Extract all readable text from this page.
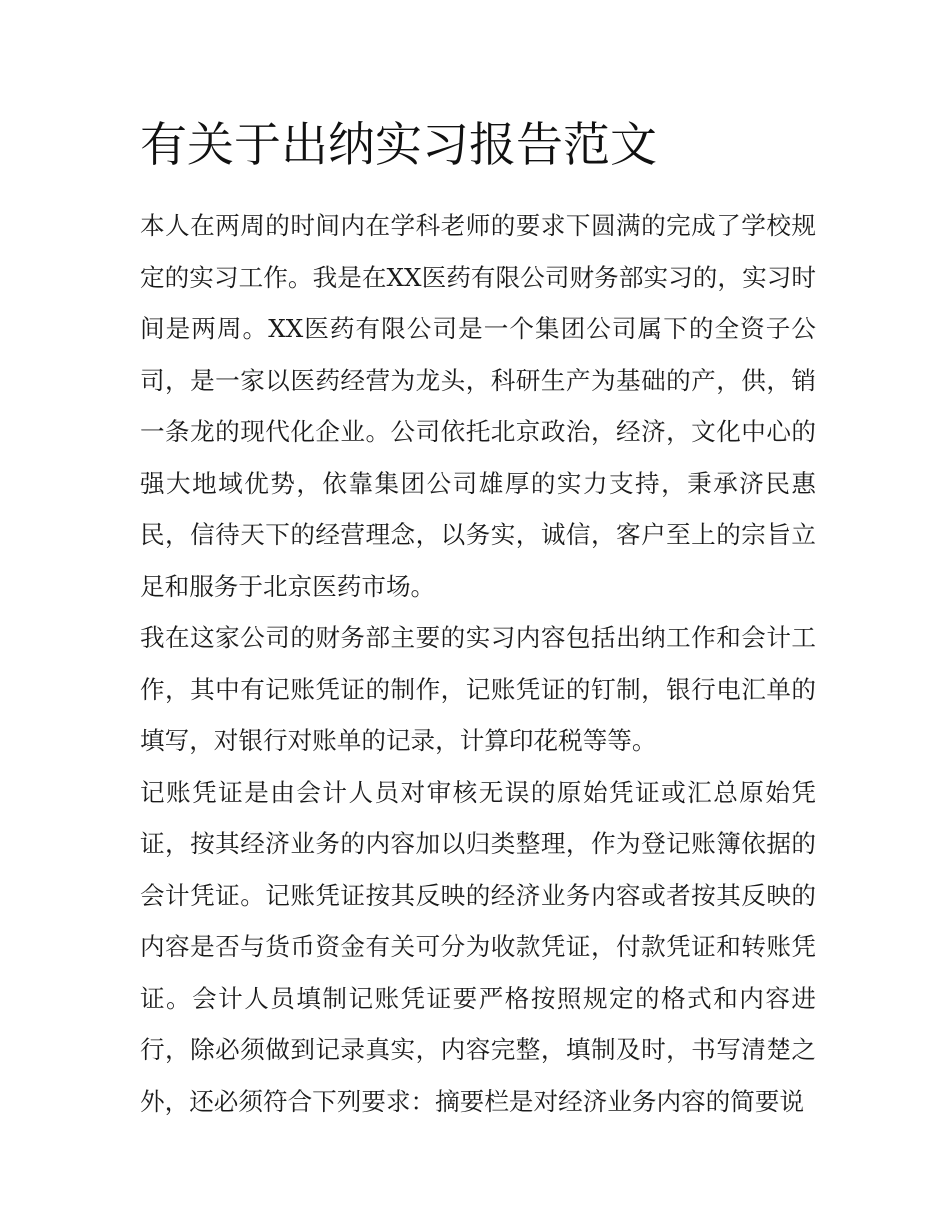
有关于出纳实习报告范文

本人在两周的时间内在学科老师的要求下圆满的完成了学校规定的实习工作。我是在XX医药有限公司财务部实习的，实习时间是两周。XX医药有限公司是一个集团公司属下的全资子公司，是一家以医药经营为龙头，科研生产为基础的产，供，销一条龙的现代化企业。公司依托北京政治，经济，文化中心的强大地域优势，依靠集团公司雄厚的实力支持，秉承济民惠民，信待天下的经营理念，以务实，诚信，客户至上的宗旨立足和服务于北京医药市场。

我在这家公司的财务部主要的实习内容包括出纳工作和会计工作，其中有记账凭证的制作，记账凭证的钉制，银行电汇单的填写，对银行对账单的记录，计算印花税等等。

记账凭证是由会计人员对审核无误的原始凭证或汇总原始凭证，按其经济业务的内容加以归类整理，作为登记账簿依据的会计凭证。记账凭证按其反映的经济业务内容或者按其反映的内容是否与货币资金有关可分为收款凭证，付款凭证和转账凭证。会计人员填制记账凭证要严格按照规定的格式和内容进行，除必须做到记录真实，内容完整，填制及时，书写清楚之外，还必须符合下列要求：摘要栏是对经济业务内容的简要说
